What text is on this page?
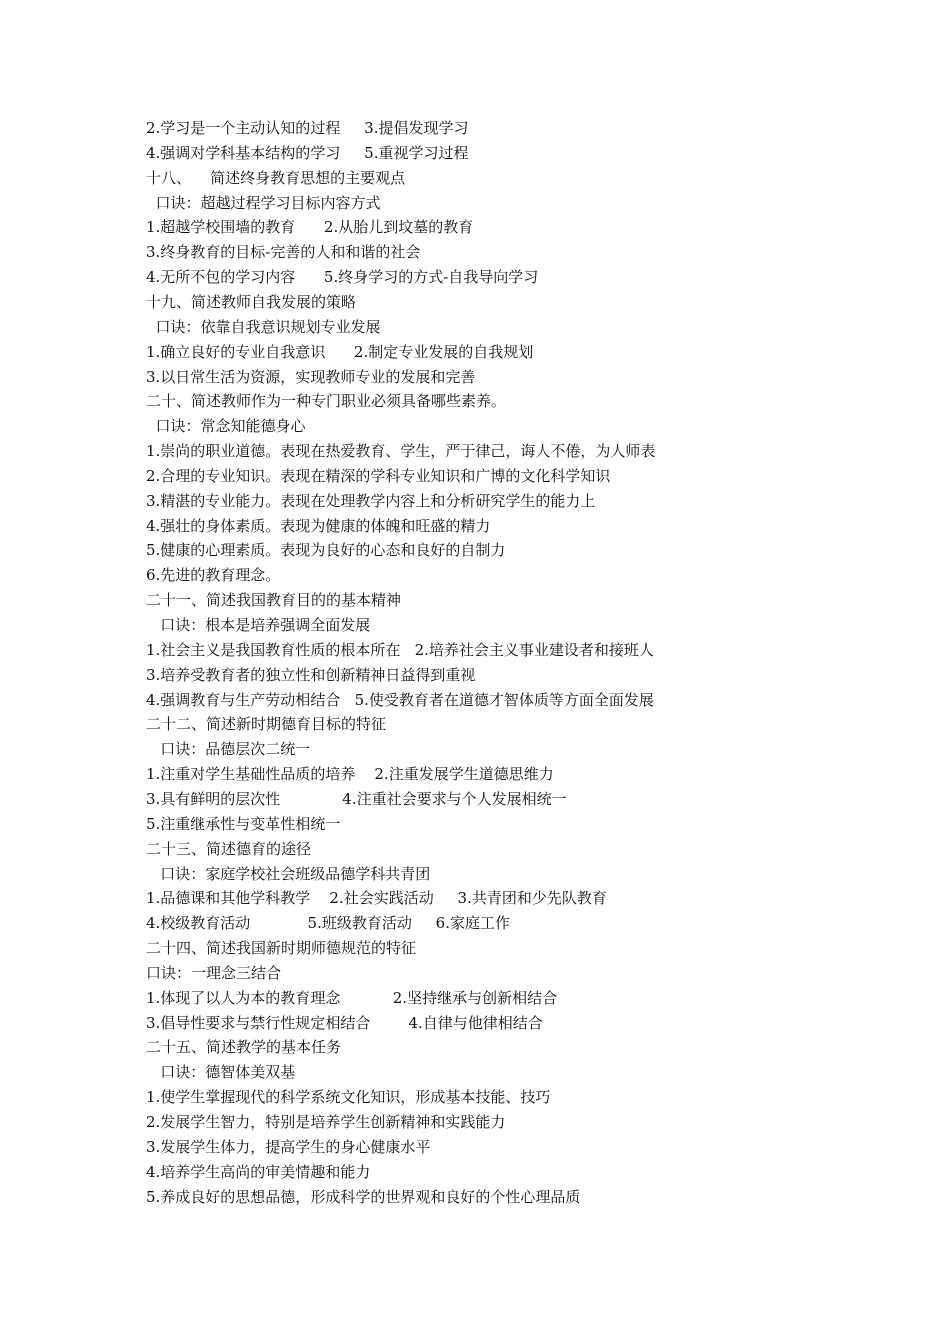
2.学习是一个主动认知的过程     3.提倡发现学习
4.强调对学科基本结构的学习     5.重视学习过程
十八、    简述终身教育思想的主要观点
口诀：超越过程学习目标内容方式
1.超越学校围墙的教育      2.从胎儿到坟墓的教育
3.终身教育的目标-完善的人和和谐的社会
4.无所不包的学习内容      5.终身学习的方式-自我导向学习
十九、简述教师自我发展的策略
口诀：依靠自我意识规划专业发展
1.确立良好的专业自我意识      2.制定专业发展的自我规划
3.以日常生活为资源，实现教师专业的发展和完善
二十、简述教师作为一种专门职业必须具备哪些素养。
口诀：常念知能德身心
1.崇尚的职业道德。表现在热爱教育、学生，严于律己，诲人不倦，为人师表
2.合理的专业知识。表现在精深的学科专业知识和广博的文化科学知识
3.精湛的专业能力。表现在处理教学内容上和分析研究学生的能力上
4.强壮的身体素质。表现为健康的体魄和旺盛的精力
5.健康的心理素质。表现为良好的心态和良好的自制力
6.先进的教育理念。
二十一、简述我国教育目的的基本精神
口诀：根本是培养强调全面发展
1.社会主义是我国教育性质的根本所在   2.培养社会主义事业建设者和接班人
3.培养受教育者的独立性和创新精神日益得到重视
4.强调教育与生产劳动相结合   5.使受教育者在道德才智体质等方面全面发展
二十二、简述新时期德育目标的特征
口诀：品德层次二统一
1.注重对学生基础性品质的培养    2.注重发展学生道德思维力
3.具有鲜明的层次性             4.注重社会要求与个人发展相统一
5.注重继承性与变革性相统一
二十三、简述德育的途径
口诀：家庭学校社会班级品德学科共青团
1.品德课和其他学科教学    2.社会实践活动     3.共青团和少先队教育
4.校级教育活动            5.班级教育活动     6.家庭工作
二十四、简述我国新时期师德规范的特征
口诀：一理念三结合
1.体现了以人为本的教育理念           2.坚持继承与创新相结合
3.倡导性要求与禁行性规定相结合        4.自律与他律相结合
二十五、简述教学的基本任务
口诀：德智体美双基
1.使学生掌握现代的科学系统文化知识，形成基本技能、技巧
2.发展学生智力，特别是培养学生创新精神和实践能力
3.发展学生体力，提高学生的身心健康水平
4.培养学生高尚的审美情趣和能力
5.养成良好的思想品德，形成科学的世界观和良好的个性心理品质
